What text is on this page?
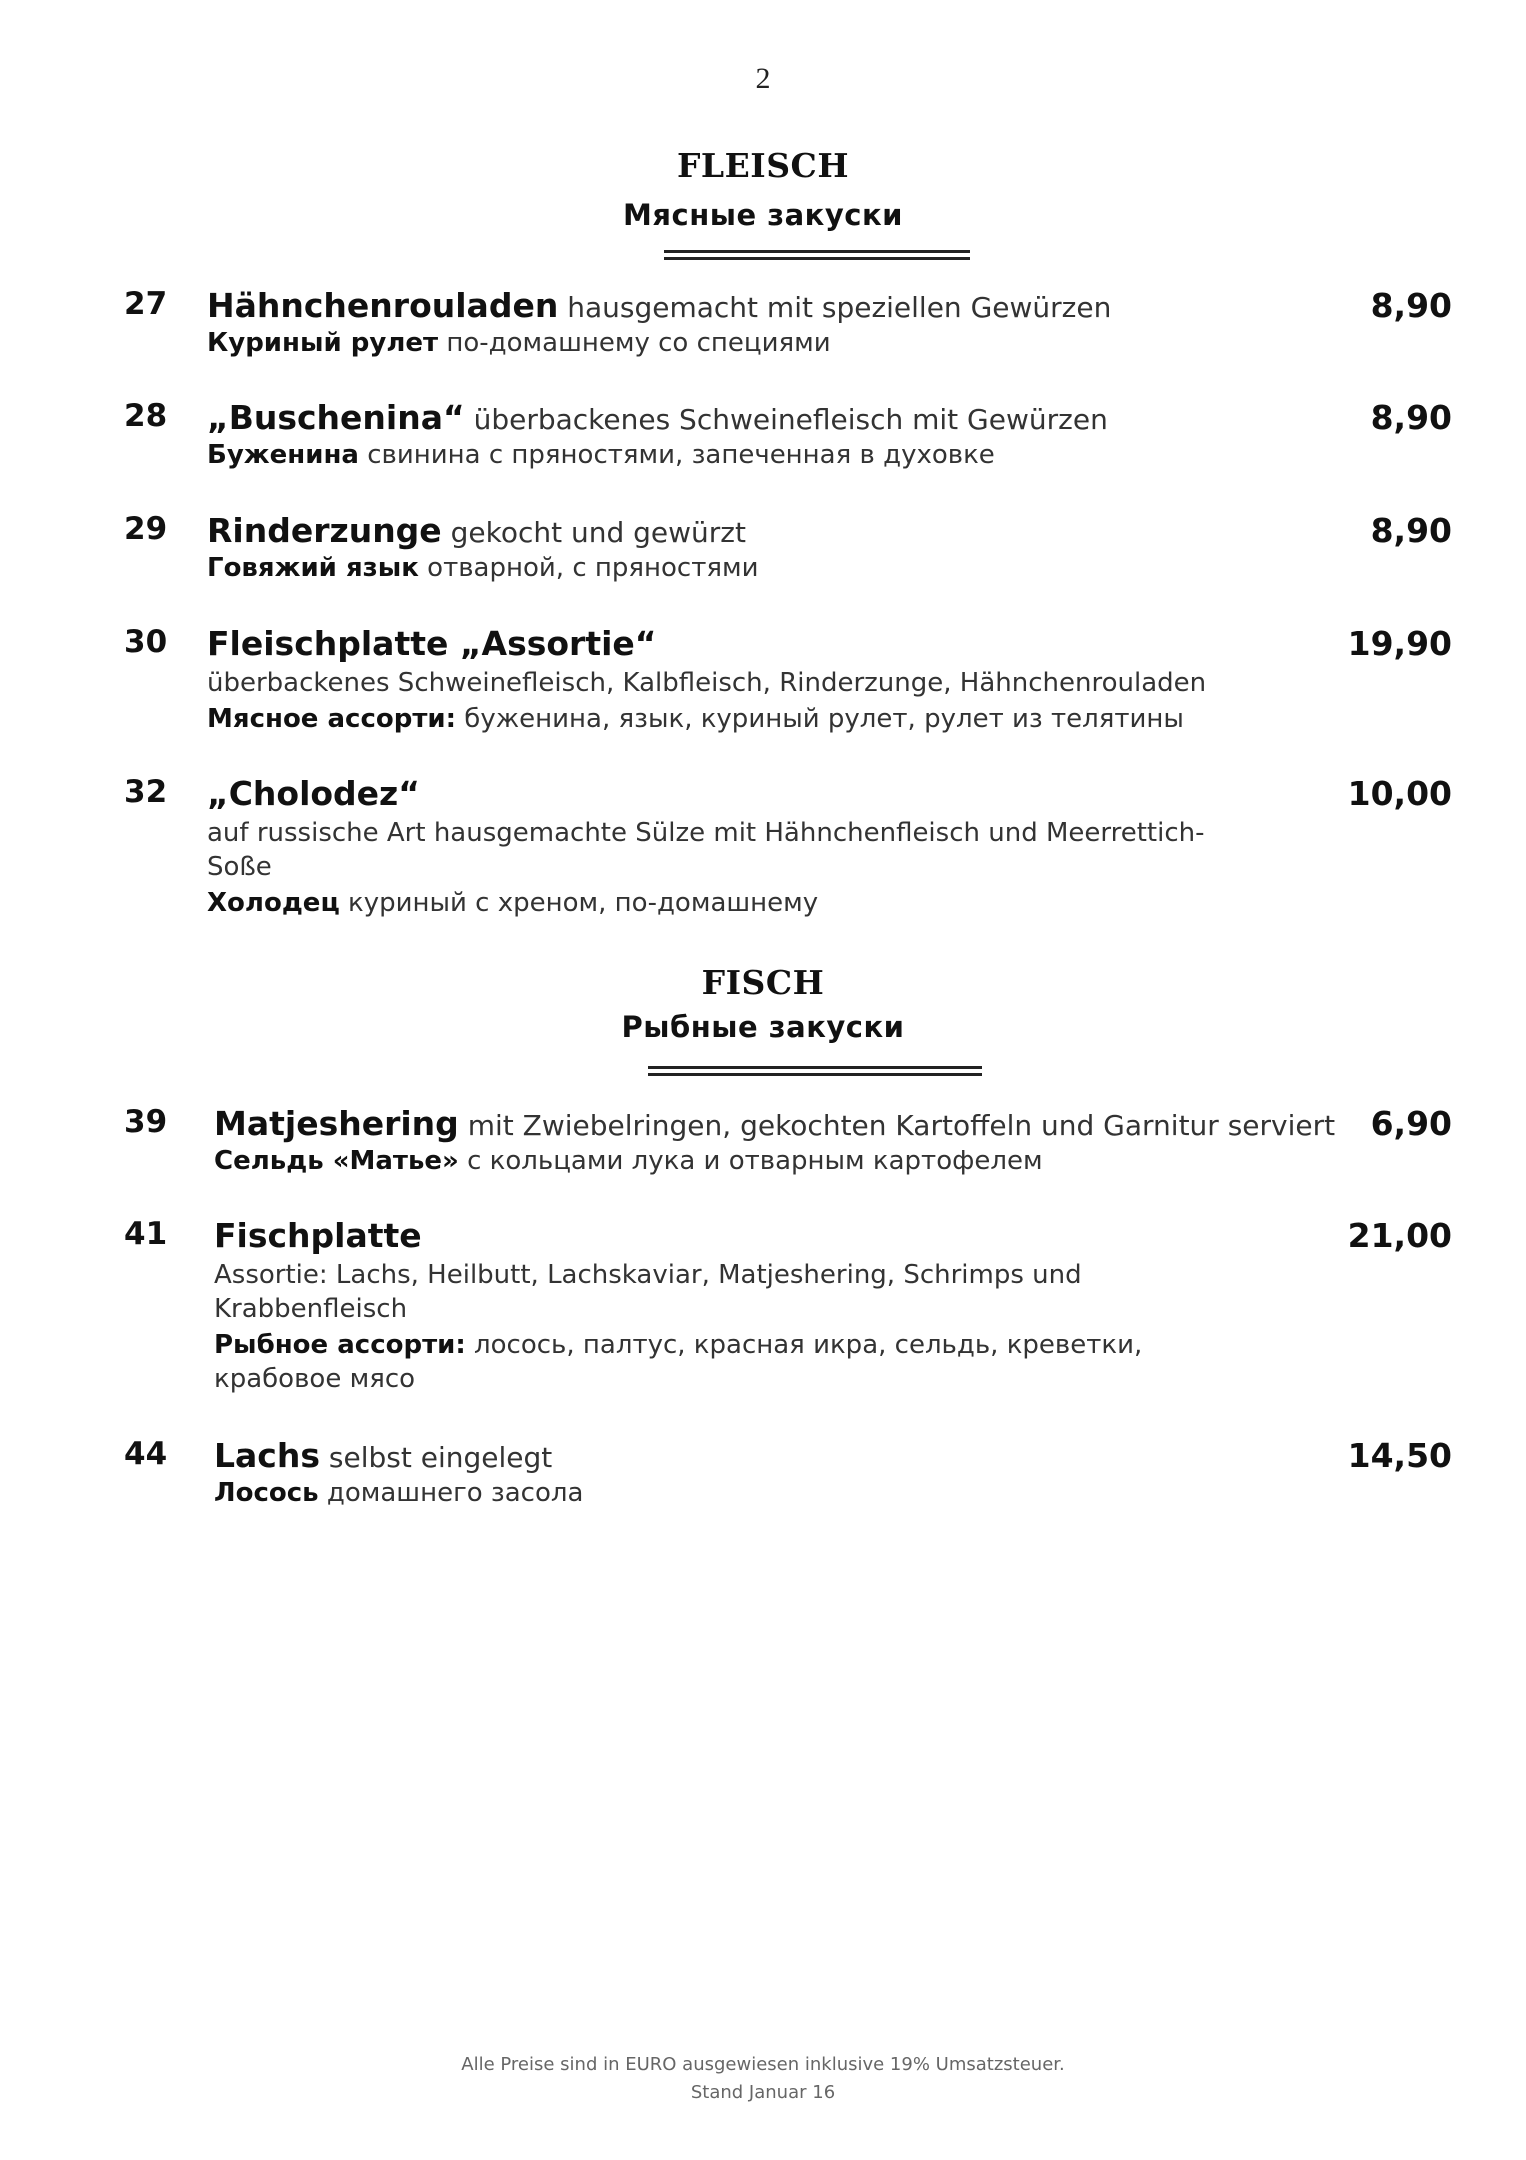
2
FLEISCH
Мясные закуски
27 Hähnchenrouladen hausgemacht mit speziellen Gewürzen	8,90
Куриный рулет по-домашнему со специями
28 „Buschenina“ überbackenes Schweinefleisch mit Gewürzen	8,90
Буженина свинина с пряностями, запеченная в духовке
29 Rinderzunge gekocht und gewürzt	8,90
Говяжий язык отварной, с пряностями
30 Fleischplatte „Assortie“	19,90
überbackenes Schweinefleisch, Kalbfleisch, Rinderzunge, Hähnchenrouladen
Мясное ассорти: буженина, язык, куриный рулет, рулет из телятины
32 „Cholodez“	10,00
auf russische Art hausgemachte Sülze mit Hähnchenfleisch und Meerrettich-
Soße
Холодец куриный с хреном, по-домашнему
FISCH
Рыбные закуски
39 Matjeshering mit Zwiebelringen, gekochten Kartoffeln und Garnitur serviert 6,90
Сельдь «Матье» с кольцами лука и отварным картофелем
41 Fischplatte	21,00
Assortie: Lachs, Heilbutt, Lachskaviar, Matjeshering, Schrimps und
Krabbenfleisch
Рыбное ассорти: лосось, палтус, красная икра, сельдь, креветки,
крабовое мясо
44 Lachs selbst eingelegt	14,50
Лосось домашнего засола
Alle Preise sind in EURO ausgewiesen inklusive 19% Umsatzsteuer.
Stand Januar 16
